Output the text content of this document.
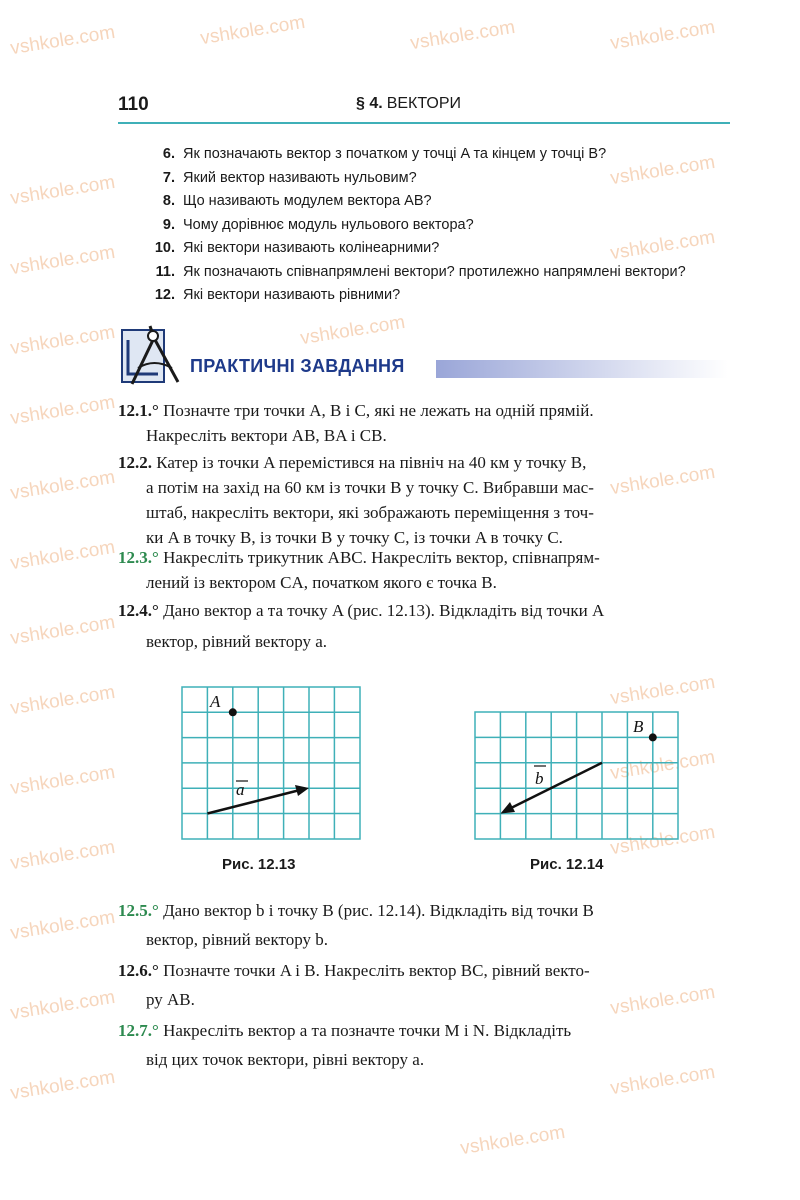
vshkole.com	vshkole.com	vshkole.com	vshkole.com
vshkole.com
vshkole.com
vshkole.com	vshkole.com
vshkole.com	vshkole.com
vshkole.com
vshkole.com	vshkole.com
vshkole.com
vshkole.com
vshkole.com	vshkole.com
vshkole.com	vshkole.com
vshkole.com	vshkole.com
vshkole.com
vshkole.com	vshkole.com
vshkole.com
vshkole.com
vshkole.com
110	§ 4. ВЕКТОРИ
6. Як позначають вектор з початком у точці A та кінцем у точці B?
7. Який вектор називають нульовим?
8. Що називають модулем вектора AB?
9. Чому дорівнює модуль нульового вектора?
10. Які вектори називають колінеарними?
11. Як позначають співнапрямлені вектори? протилежно напрямлені вектори?
12. Які вектори називають рівними?
ПРАКТИЧНІ ЗАВДАННЯ
12.1.° Позначте три точки A, B і C, які не лежать на одній прямій.
Накресліть вектори AB, BA і CB.
12.2. Катер із точки A перемістився на північ на 40 км у точку B,
а потім на захід на 60 км із точки B у точку C. Вибравши мас-
штаб, накресліть вектори, які зображають переміщення з точ-
ки A в точку B, із точки B у точку C, із точки A в точку C.
12.3.° Накресліть трикутник ABC. Накресліть вектор, співнапрям-
лений із вектором CA, початком якого є точка B.
12.4.° Дано вектор a та точку A (рис. 12.13). Відкладіть від точки A
вектор, рівний вектору a.
12.5.° Дано вектор b і точку B (рис. 12.14). Відкладіть від точки B
вектор, рівний вектору b.
12.6.° Позначте точки A і B. Накресліть вектор BC, рівний векто-
ру AB.
12.7.° Накресліть вектор a та позначте точки M і N. Відкладіть
від цих точок вектори, рівні вектору a.
A
a
Рис. 12.13
B
b
Рис. 12.14
